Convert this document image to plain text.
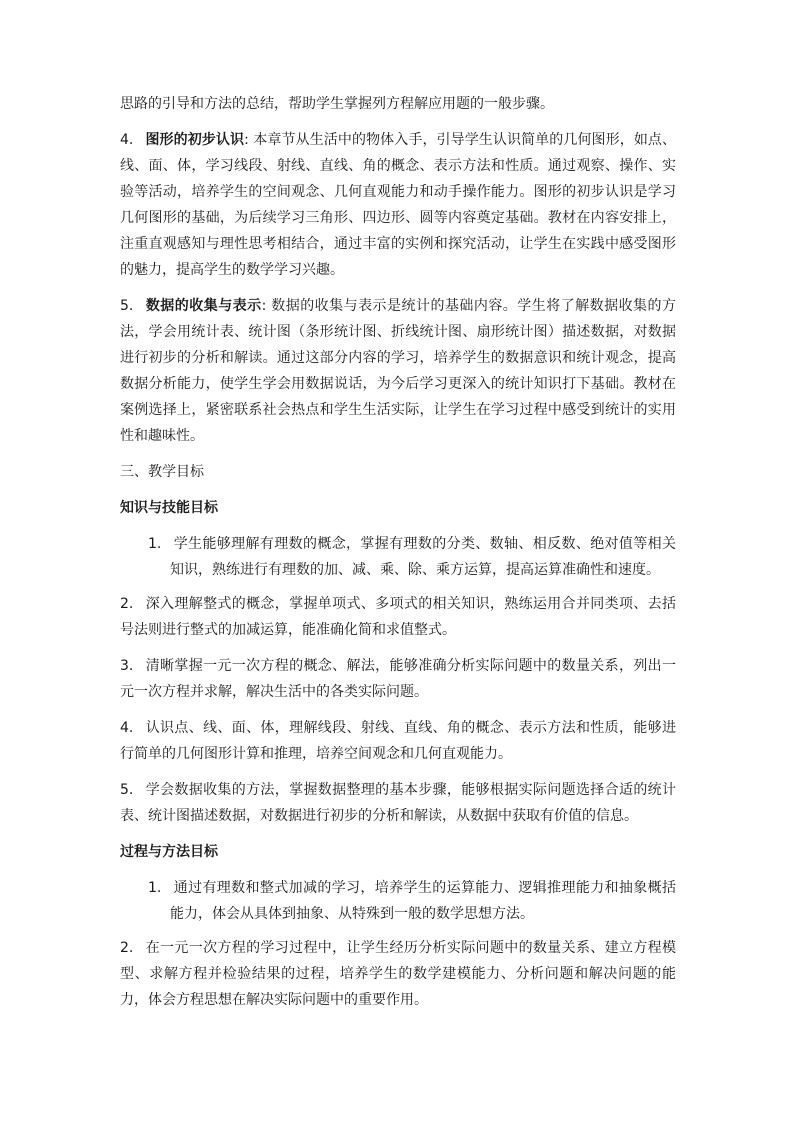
思路的引导和方法的总结，帮助学生掌握列方程解应用题的一般步骤。

4. 图形的初步认识: 本章节从生活中的物体入手，引导学生认识简单的几何图形，如点、线、面、体，学习线段、射线、直线、角的概念、表示方法和性质。通过观察、操作、实验等活动，培养学生的空间观念、几何直观能力和动手操作能力。图形的初步认识是学习几何图形的基础，为后续学习三角形、四边形、圆等内容奠定基础。教材在内容安排上，注重直观感知与理性思考相结合，通过丰富的实例和探究活动，让学生在实践中感受图形的魅力，提高学生的数学学习兴趣。

5. 数据的收集与表示: 数据的收集与表示是统计的基础内容。学生将了解数据收集的方法，学会用统计表、统计图（条形统计图、折线统计图、扇形统计图）描述数据，对数据进行初步的分析和解读。通过这部分内容的学习，培养学生的数据意识和统计观念，提高数据分析能力，使学生学会用数据说话，为今后学习更深入的统计知识打下基础。教材在案例选择上，紧密联系社会热点和学生生活实际，让学生在学习过程中感受到统计的实用性和趣味性。

三、教学目标

知识与技能目标

1. 学生能够理解有理数的概念，掌握有理数的分类、数轴、相反数、绝对值等相关知识，熟练进行有理数的加、减、乘、除、乘方运算，提高运算准确性和速度。

2. 深入理解整式的概念，掌握单项式、多项式的相关知识，熟练运用合并同类项、去括号法则进行整式的加减运算，能准确化简和求值整式。

3. 清晰掌握一元一次方程的概念、解法，能够准确分析实际问题中的数量关系，列出一元一次方程并求解，解决生活中的各类实际问题。

4. 认识点、线、面、体，理解线段、射线、直线、角的概念、表示方法和性质，能够进行简单的几何图形计算和推理，培养空间观念和几何直观能力。

5. 学会数据收集的方法，掌握数据整理的基本步骤，能够根据实际问题选择合适的统计表、统计图描述数据，对数据进行初步的分析和解读，从数据中获取有价值的信息。

过程与方法目标

1. 通过有理数和整式加减的学习，培养学生的运算能力、逻辑推理能力和抽象概括能力，体会从具体到抽象、从特殊到一般的数学思想方法。

2. 在一元一次方程的学习过程中，让学生经历分析实际问题中的数量关系、建立方程模型、求解方程并检验结果的过程，培养学生的数学建模能力、分析问题和解决问题的能力，体会方程思想在解决实际问题中的重要作用。
